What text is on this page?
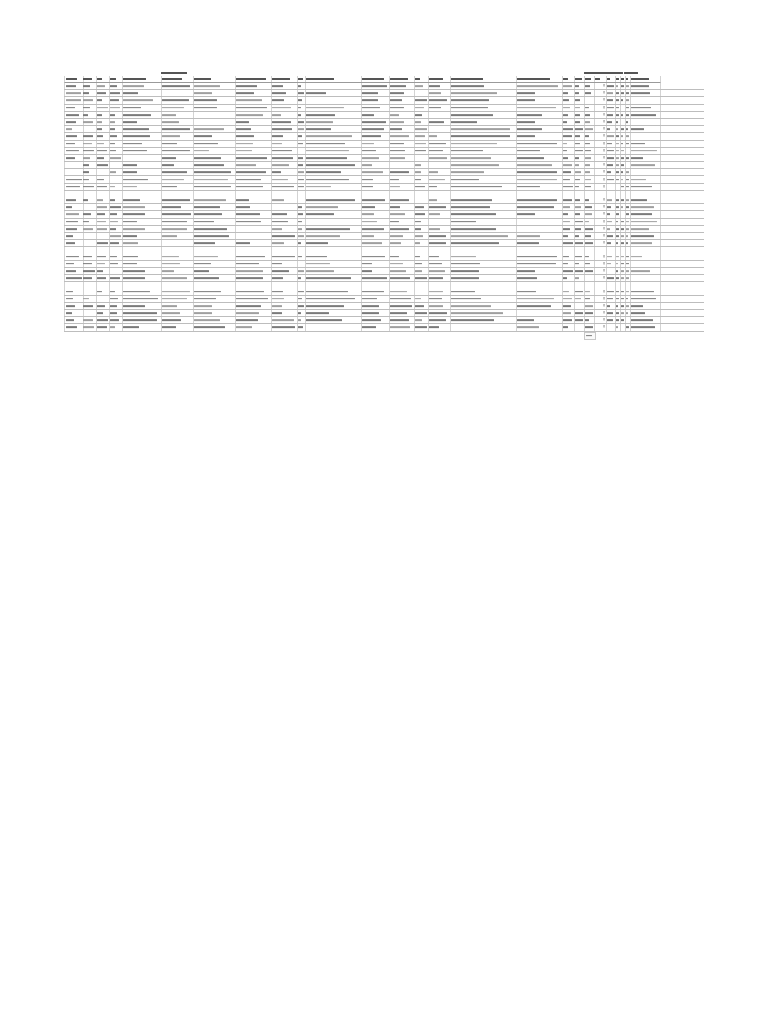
0
0
0
0
0
0
0
0
0
0
0
0
0
0
0
0
0
0
0
0
0
0
0
0
0
0
0
0
0
0
0
0
